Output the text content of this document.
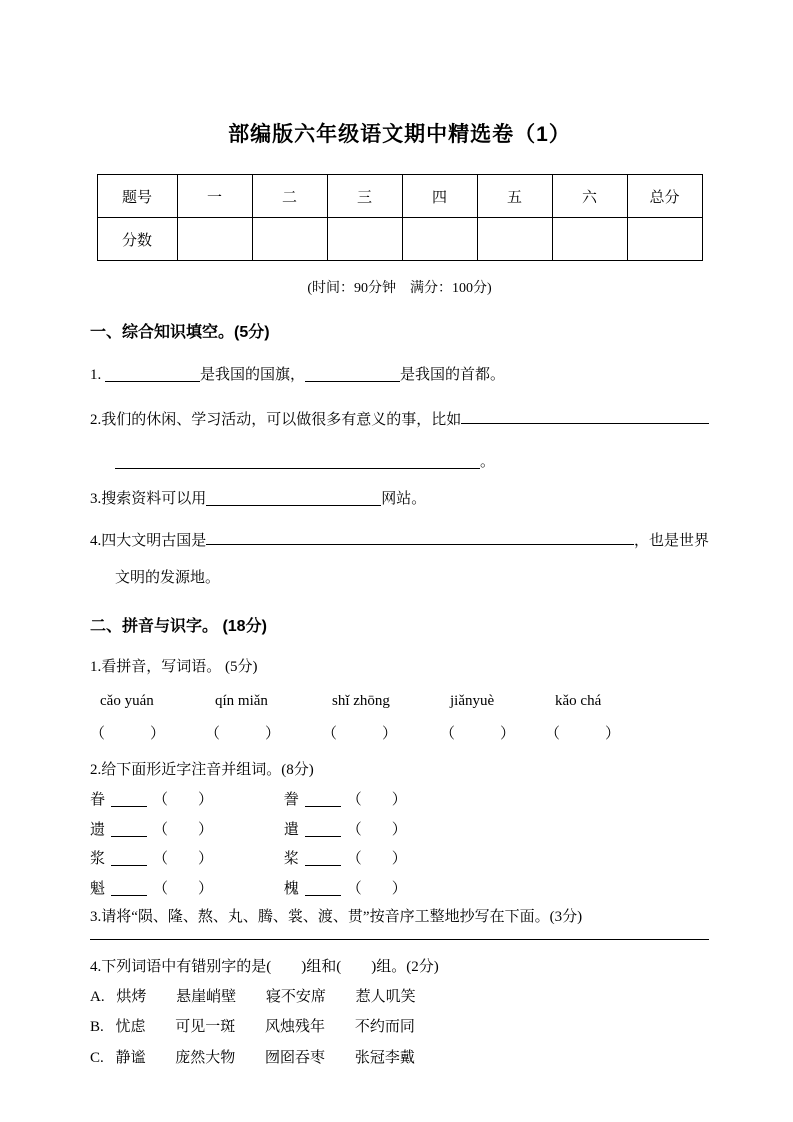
部编版六年级语文期中精选卷（1）
题号	一	二	三	四	五	六	总分
分数							
(时间：90分钟　满分：100分)
一、综合知识填空。(5分)
1.	是我国的国旗，	是我国的首都。
2.我们的休闲、学习活动，可以做很多有意义的事，比如
。
3.搜索资料可以用	网站。
4.四大文明古国是	，也是世界
文明的发源地。
二、拼音与识字。 (18分)
1.看拼音，写词语。 (5分)
cǎo yuán	qín miǎn	shǐ zhōng	jiǎnyuè	kǎo chá
（　　　）	（　　　）	（　　　）	（　　　）	（　　　）
2.给下面形近字注音并组词。(8分)
眷	（　　）	誊	（　　）
遗	（　　）	遣	（　　）
浆	（　　）	桨	（　　）
魁	（　　）	槐	（　　）
3.请将“陨、隆、熬、丸、腾、裳、渡、贯”按音序工整地抄写在下面。(3分)
4.下列词语中有错别字的是(　　)组和(　　)组。(2分)
A. 烘烤 悬崖峭壁 寝不安席 惹人叽笑
B. 忧虑 可见一斑 风烛残年 不约而同
C. 静谧 庞然大物 囫囵吞枣 张冠李戴
